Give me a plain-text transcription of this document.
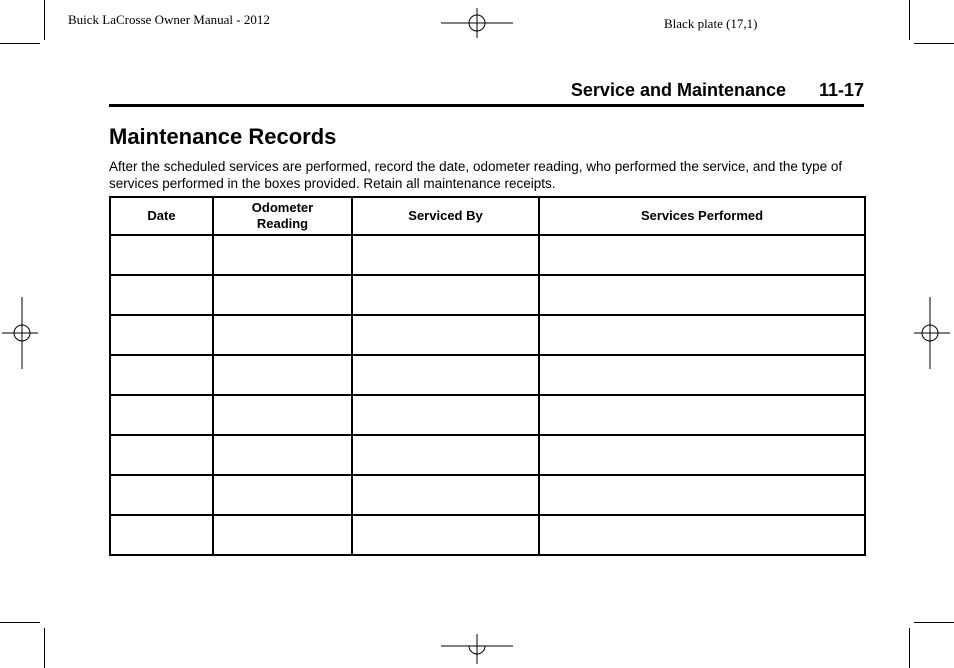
Buick LaCrosse Owner Manual - 2012	Black plate (17,1)
Service and Maintenance 11-17
Maintenance Records
After the scheduled services are performed, record the date, odometer reading, who performed the service, and the type of services performed in the boxes provided. Retain all maintenance receipts.
Date	Odometer Reading	Serviced By	Services Performed
